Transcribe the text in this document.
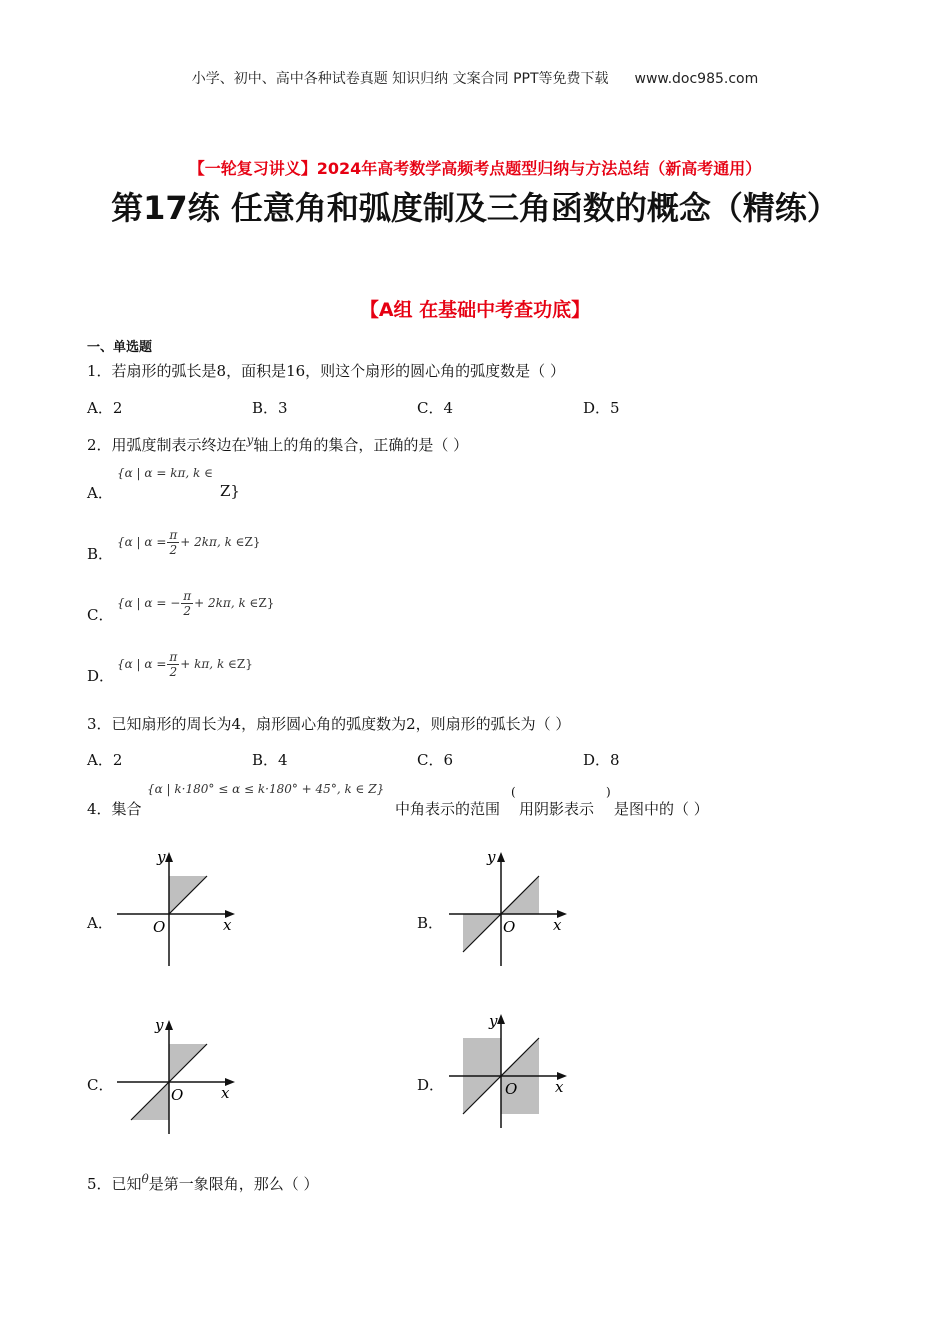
小学、初中、高中各种试卷真题 知识归纳 文案合同 PPT等免费下载 www.doc985.com
【一轮复习讲义】2024年高考数学高频考点题型归纳与方法总结（新高考通用）
第17练 任意角和弧度制及三角函数的概念（精练）
【A组 在基础中考查功底】
一、单选题
1．若扇形的弧长是8，面积是16，则这个扇形的圆心角的弧度数是（ ）
A．2	B．3	C．4	D．5
2．用弧度制表示终边在$^y$轴上的角的集合，正确的是（ ）
A．
{α | α = kπ, k ∈
Z}
B．
{α | $\alpha = \frac{\pi}{2} + 2k\pi$, k ∈Z}
C．
{α | α = − $\frac{\pi}{2} + 2k\pi$, k ∈Z}
D．
{α | $\alpha = \frac{\pi}{2} + k\pi$, k ∈Z}
3．已知扇形的周长为4，扇形圆心角的弧度数为2，则扇形的弧长为（ ）
A．2	B．4	C．6	D．8
{α | k·180° ≤ α ≤ k·180° + 45°, k ∈ Z}
4．集合	中角表示的范围
(
用阴影表示
)
是图中的（ ）
A．
y
x
O	B．
y
x
O
C．
y
x
O
D．
y
x
O
5．已知$^\theta$是第一象限角，那么（ ）
